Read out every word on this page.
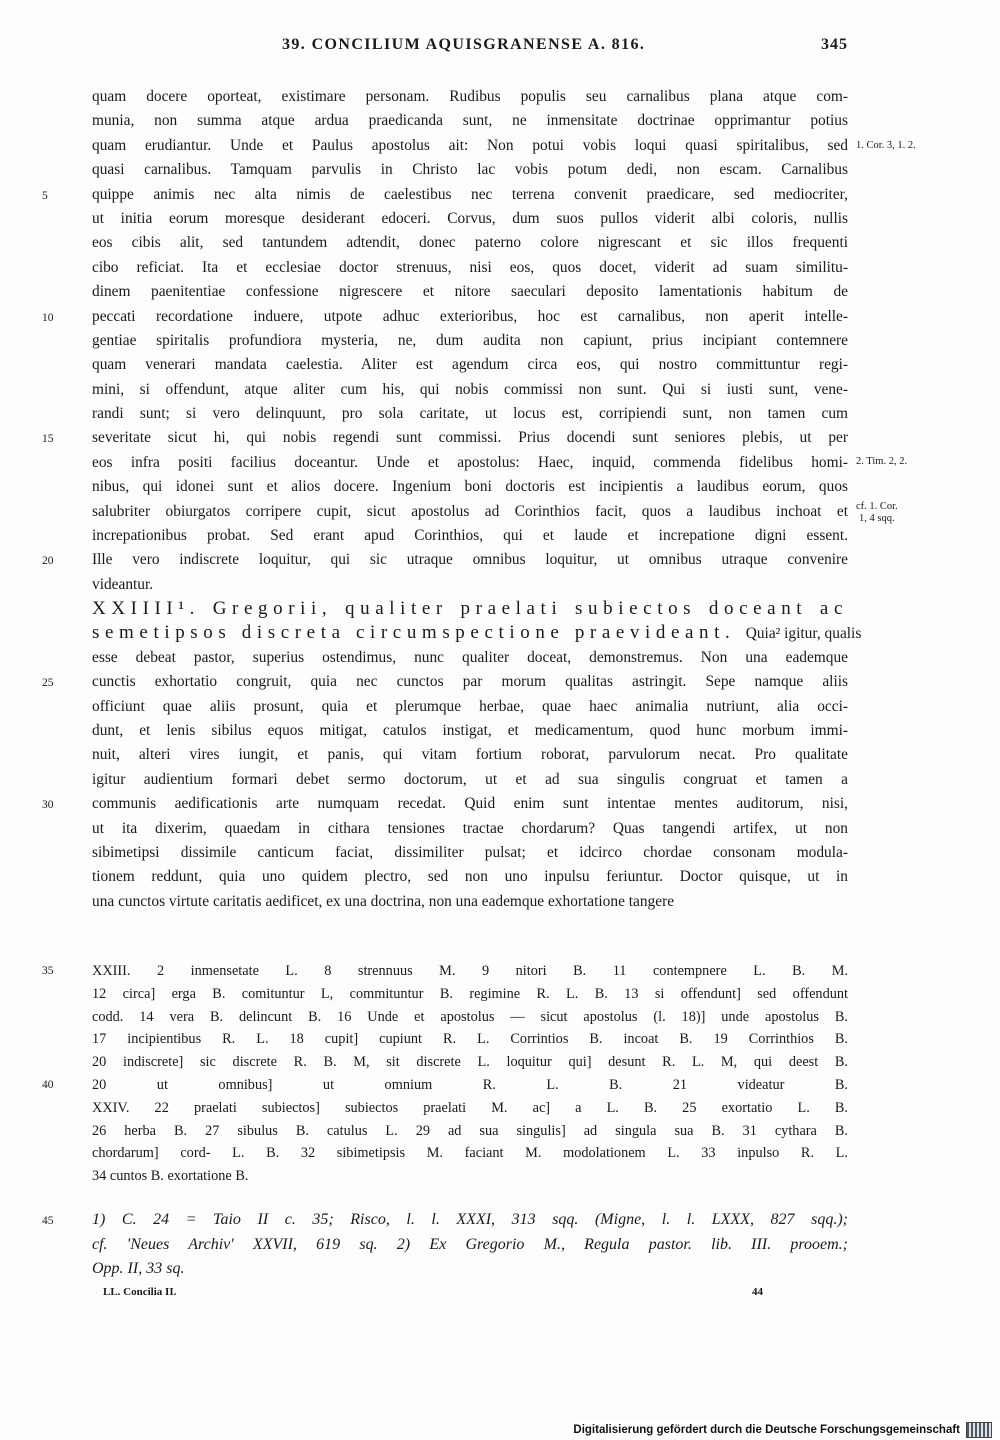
39. CONCILIUM AQUISGRANENSE A. 816.	345
quam docere oporteat, existimare personam. Rudibus populis seu carnalibus plana atque com-
munia, non summa atque ardua praedicanda sunt, ne inmensitate doctrinae opprimantur potius
quam erudiantur. Unde et Paulus apostolus ait: Non potui vobis loqui quasi spiritalibus, sed
quasi carnalibus. Tamquam parvulis in Christo lac vobis potum dedi, non escam. Carnalibus
5	quippe animis nec alta nimis de caelestibus nec terrena convenit praedicare, sed mediocriter,
ut initia eorum moresque desiderant edoceri. Corvus, dum suos pullos viderit albi coloris, nullis
eos cibis alit, sed tantundem adtendit, donec paterno colore nigrescant et sic illos frequenti
cibo reficiat. Ita et ecclesiae doctor strenuus, nisi eos, quos docet, viderit ad suam similitu-
dinem paenitentiae confessione nigrescere et nitore saeculari deposito lamentationis habitum de
10	peccati recordatione induere, utpote adhuc exterioribus, hoc est carnalibus, non aperit intelle-
gentiae spiritalis profundiora mysteria, ne, dum audita non capiunt, prius incipiant contemnere
quam venerari mandata caelestia. Aliter est agendum circa eos, qui nostro committuntur regi-
mini, si offendunt, atque aliter cum his, qui nobis commissi non sunt. Qui si iusti sunt, vene-
randi sunt; si vero delinquunt, pro sola caritate, ut locus est, corripiendi sunt, non tamen cum
15	severitate sicut hi, qui nobis regendi sunt commissi. Prius docendi sunt seniores plebis, ut per
eos infra positi facilius doceantur. Unde et apostolus: Haec, inquid, commenda fidelibus homi-
nibus, qui idonei sunt et alios docere. Ingenium boni doctoris est incipientis a laudibus eorum, quos
salubriter obiurgatos corripere cupit, sicut apostolus ad Corinthios facit, quos a laudibus inchoat et
increpationibus probat. Sed erant apud Corinthios, qui et laude et increpatione digni essent.
20	Ille vero indiscrete loquitur, qui sic utraque omnibus loquitur, ut omnibus utraque convenire
videantur.
XXIIII¹. Gregorii, qualiter praelati subiectos doceant ac
semetipsos discreta circumspectione praevideant. Quia² igitur, qualis
esse debeat pastor, superius ostendimus, nunc qualiter doceat, demonstremus. Non una eademque
25	cunctis exhortatio congruit, quia nec cunctos par morum qualitas astringit. Sepe namque aliis
officiunt quae aliis prosunt, quia et plerumque herbae, quae haec animalia nutriunt, alia occi-
dunt, et lenis sibilus equos mitigat, catulos instigat, et medicamentum, quod hunc morbum immi-
nuit, alteri vires iungit, et panis, qui vitam fortium roborat, parvulorum necat. Pro qualitate
igitur audientium formari debet sermo doctorum, ut et ad sua singulis congruat et tamen a
30	communis aedificationis arte numquam recedat. Quid enim sunt intentae mentes auditorum, nisi,
ut ita dixerim, quaedam in cithara tensiones tractae chordarum? Quas tangendi artifex, ut non
sibimetipsi dissimile canticum faciat, dissimiliter pulsat; et idcirco chordae consonam modula-
tionem reddunt, quia uno quidem plectro, sed non uno inpulsu feriuntur. Doctor quisque, ut in
una cunctos virtute caritatis aedificet, ex una doctrina, non una eademque exhortatione tangere
1. Cor. 3, 1. 2.
2. Tim. 2, 2.
cf. 1. Cor.
1, 4 sqq.
35	XXIII. 2 inmensetate L. 8 strennuus M. 9 nitori B. 11 contempnere L. B. M.
12 circa] erga B. comituntur L, commituntur B. regimine R. L. B. 13 si offendunt] sed offendunt
codd. 14 vera B. delincunt B. 16 Unde et apostolus — sicut apostolus (l. 18)] unde apostolus B.
17 incipientibus R. L. 18 cupit] cupiunt R. L. Corrintios B. incoat B. 19 Corrinthios B.
20 indiscrete] sic discrete R. B. M, sit discrete L. loquitur qui] desunt R. L. M, qui deest B.
40	20 ut omnibus] ut omnium R. L. B. 21 videatur B.
XXIV. 22 praelati subiectos] subiectos praelati M. ac] a L. B. 25 exortatio L. B.
26 herba B. 27 sibulus B. catulus L. 29 ad sua singulis] ad singula sua B. 31 cythara B.
chordarum] cord- L. B. 32 sibimetipsis M. faciant M. modolationem L. 33 inpulso R. L.
34 cuntos B. exortatione B.
45	1) C. 24 = Taio II c. 35; Risco, l. l. XXXI, 313 sqq. (Migne, l. l. LXXX, 827 sqq.);
cf. 'Neues Archiv' XXVII, 619 sq. 2) Ex Gregorio M., Regula pastor. lib. III. prooem.;
Opp. II, 33 sq.
LL. Concilia II.	44
Digitalisierung gefördert durch die Deutsche Forschungsgemeinschaft
